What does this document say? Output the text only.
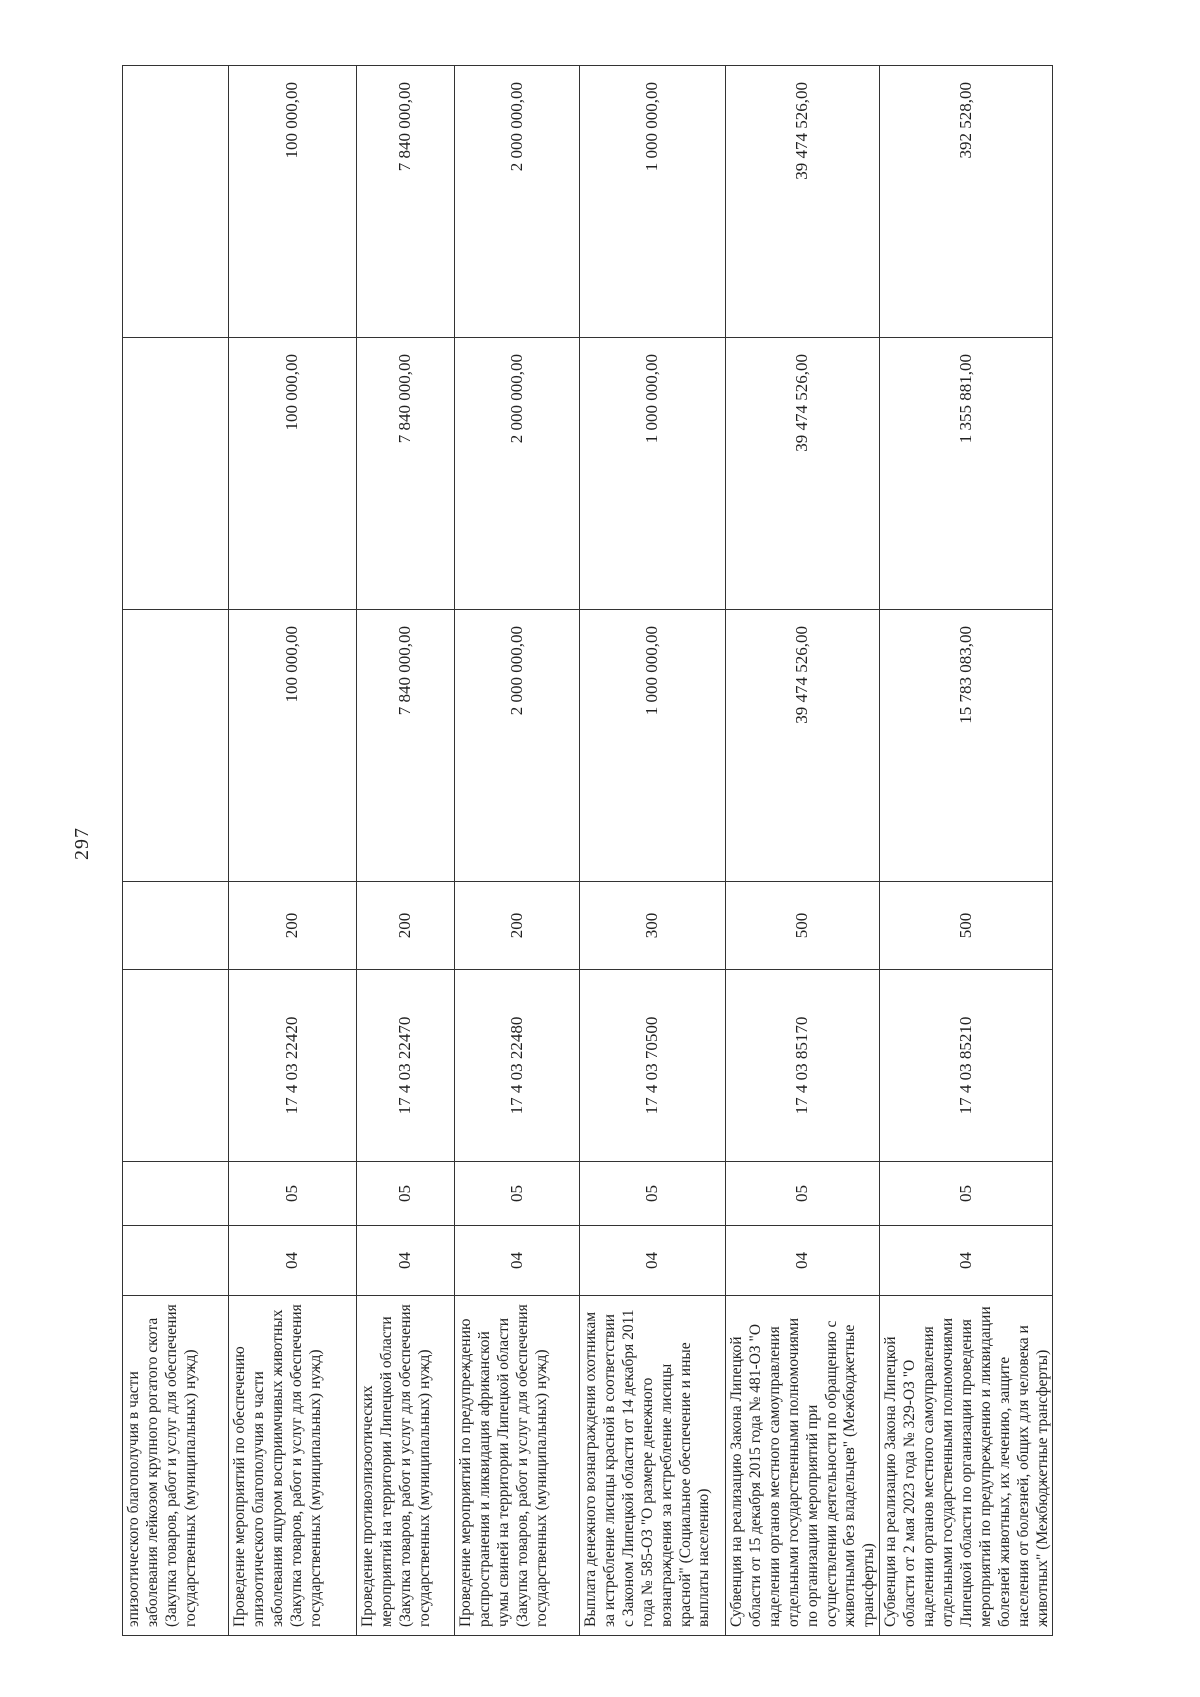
297
эпизоотического благополучия в части заболевания лейкозом крупного рогатого скота (Закупка товаров, работ и услуг для обеспечения государственных (муниципальных) нужд)							
Проведение мероприятий по обеспечению эпизоотического благополучия в части заболевания ящуром восприимчивых животных (Закупка товаров, работ и услуг для обеспечения государственных (муниципальных) нужд)	04	05	17 4 03 22420	200	100 000,00	100 000,00	100 000,00
Проведение противоэпизоотических мероприятий на территории Липецкой области (Закупка товаров, работ и услуг для обеспечения государственных (муниципальных) нужд)	04	05	17 4 03 22470	200	7 840 000,00	7 840 000,00	7 840 000,00
Проведение мероприятий по предупреждению распространения и ликвидация африканской чумы свиней на территории Липецкой области (Закупка товаров, работ и услуг для обеспечения государственных (муниципальных) нужд)	04	05	17 4 03 22480	200	2 000 000,00	2 000 000,00	2 000 000,00
Выплата денежного вознаграждения охотникам за истребление лисицы красной в соответствии с Законом Липецкой области от 14 декабря 2011 года № 585-ОЗ "О размере денежного вознаграждения за истребление лисицы красной" (Социальное обеспечение и иные выплаты населению)	04	05	17 4 03 70500	300	1 000 000,00	1 000 000,00	1 000 000,00
Субвенция на реализацию Закона Липецкой области от 15 декабря 2015 года № 481-ОЗ "О наделении органов местного самоуправления отдельными государственными полномочиями по организации мероприятий при осуществлении деятельности по обращению с животными без владельцев" (Межбюджетные трансферты)	04	05	17 4 03 85170	500	39 474 526,00	39 474 526,00	39 474 526,00
Субвенция на реализацию Закона Липецкой области от 2 мая 2023 года № 329-ОЗ "О наделении органов местного самоуправления отдельными государственными полномочиями Липецкой области по организации проведения мероприятий по предупреждению и ликвидации болезней животных, их лечению, защите населения от болезней, общих для человека и животных" (Межбюджетные трансферты)	04	05	17 4 03 85210	500	15 783 083,00	1 355 881,00	392 528,00
